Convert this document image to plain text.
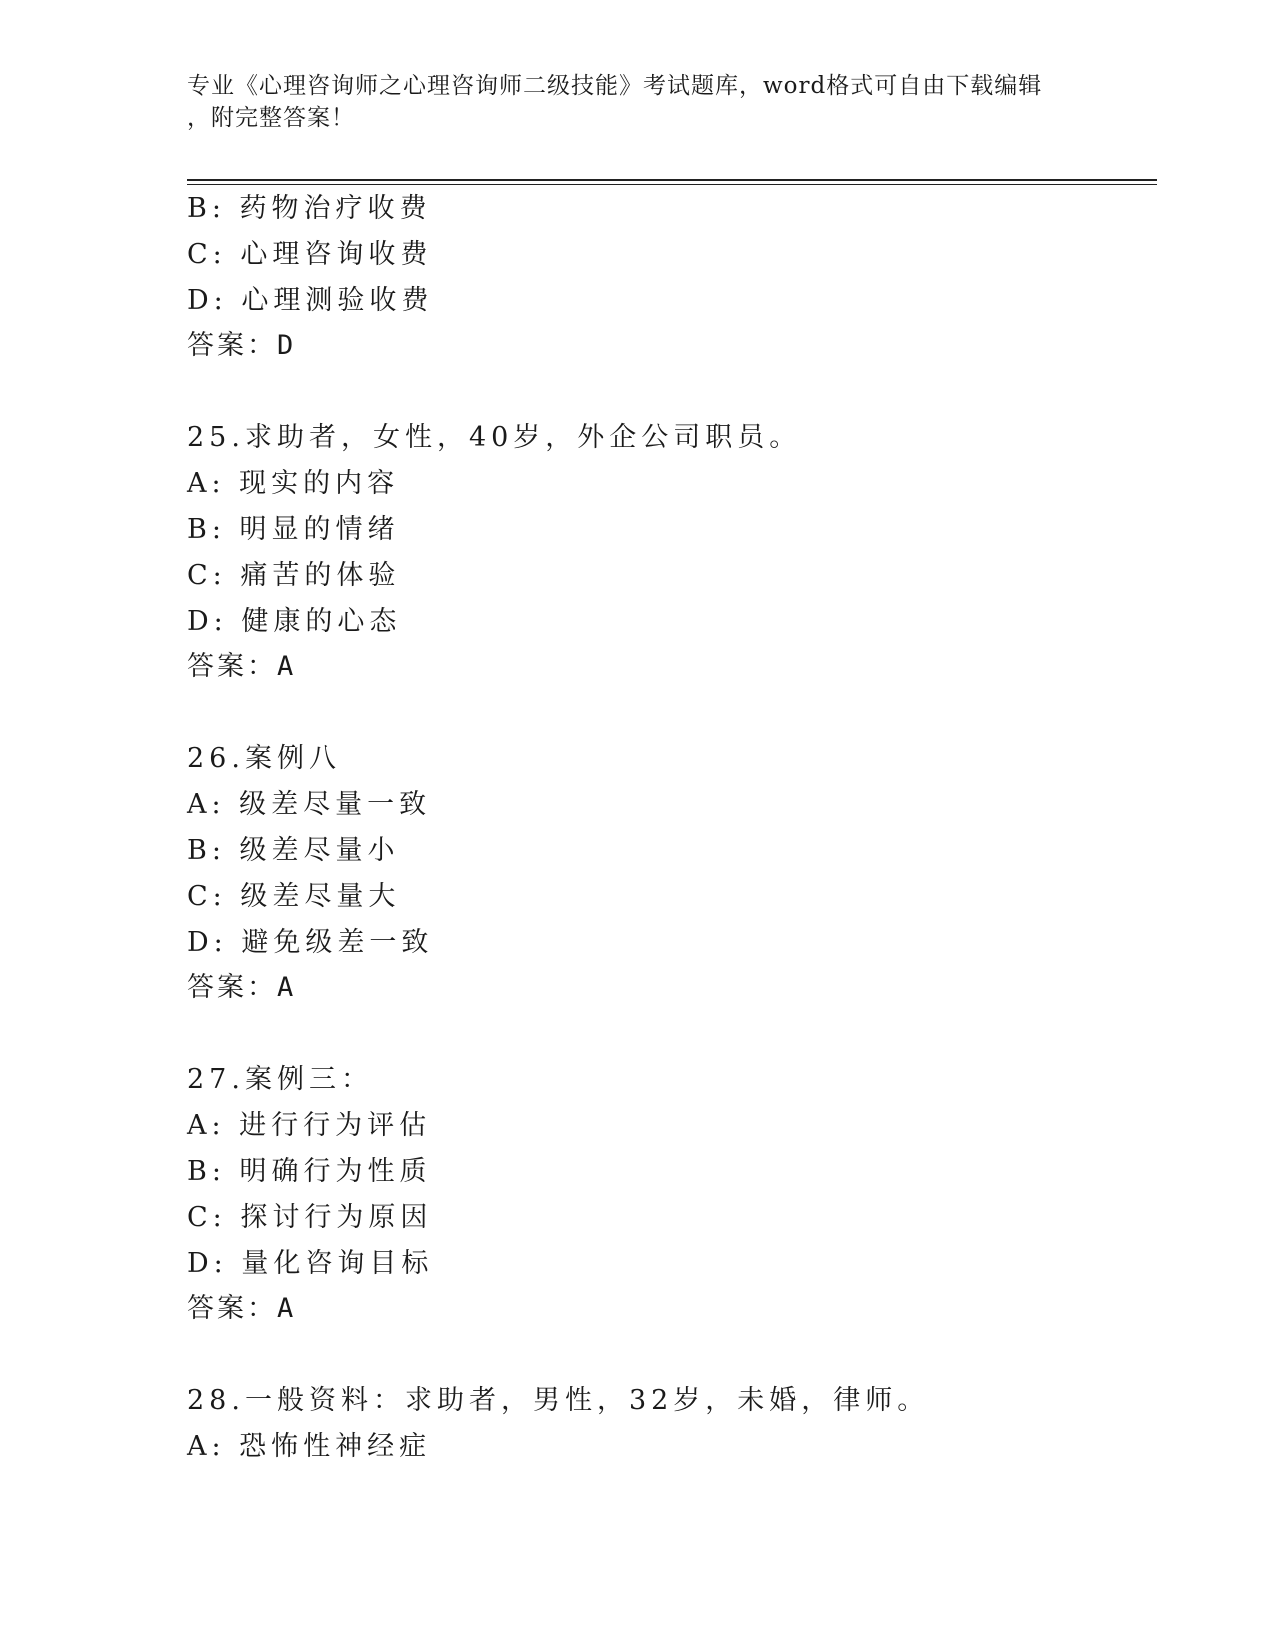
专业《心理咨询师之心理咨询师二级技能》考试题库，word格式可自由下载编辑
，附完整答案！
B: 药物治疗收费
C: 心理咨询收费
D: 心理测验收费
答案：D
25.求助者，女性，40岁，外企公司职员。
A: 现实的内容
B: 明显的情绪
C: 痛苦的体验
D: 健康的心态
答案：A
26.案例八
A: 级差尽量一致
B: 级差尽量小
C: 级差尽量大
D: 避免级差一致
答案：A
27.案例三：
A: 进行行为评估
B: 明确行为性质
C: 探讨行为原因
D: 量化咨询目标
答案：A
28.一般资料：求助者，男性，32岁，未婚，律师。
A: 恐怖性神经症
